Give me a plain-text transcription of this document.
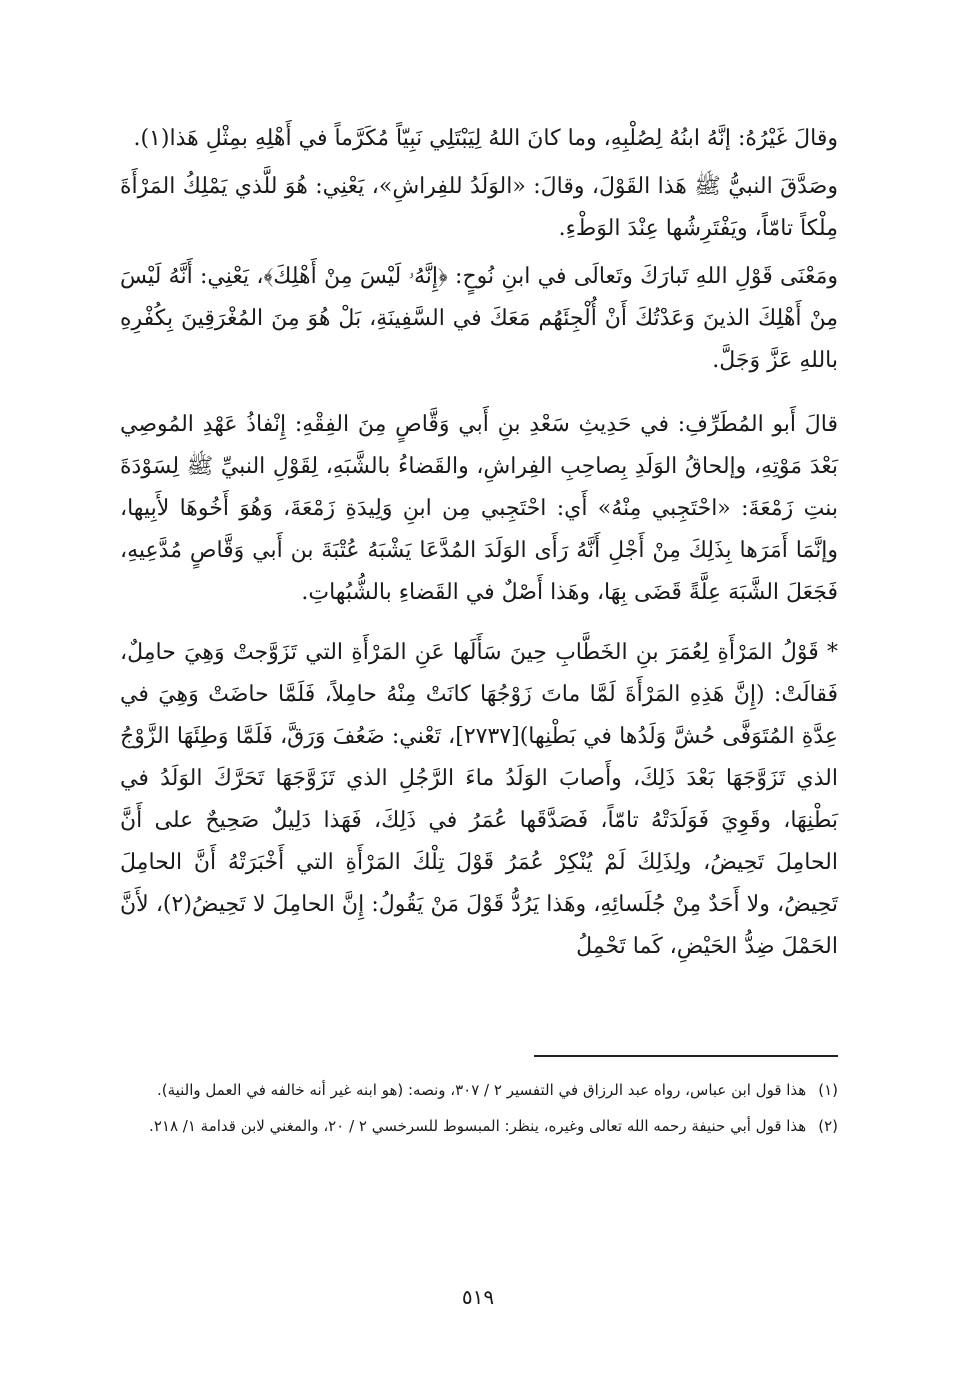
وقالَ غَيْرُهُ: إنَّهُ ابنُهُ لِصُلْبِهِ، وما كانَ اللهُ لِيَبْتَلِي نَبِيّاً مُكَرَّماً في أَهْلِهِ بمِثْلِ هَذا(١).

وصَدَّقَ النبيُّ ﷺ هَذا القَوْلَ، وقالَ: «الوَلَدُ للفِراشِ»، يَعْنِي: هُوَ للَّذي يَمْلِكُ المَرْأَةَ مِلْكاً تامّاً، ويَفْتَرِشُها عِنْدَ الوَطْءِ.

ومَعْنَى قَوْلِ اللهِ تَبارَكَ وتَعالَى في ابنِ نُوحٍ: ﴿إِنَّهُۥ لَيْسَ مِنْ أَهْلِكَ﴾، يَعْنِي: أَنَّهُ لَيْسَ مِنْ أَهْلِكَ الذينَ وَعَدْتُكَ أَنْ أُلْجِئَهُم مَعَكَ في السَّفِينَةِ، بَلْ هُوَ مِنَ المُغْرَقِينَ بِكُفْرِهِ باللهِ عَزَّ وَجَلَّ.

قالَ أَبو المُطَرِّفِ: في حَدِيثِ سَعْدِ بنِ أَبي وَقَّاصٍ مِنَ الفِقْهِ: إِنْفاذُ عَهْدِ المُوصِي بَعْدَ مَوْتِهِ، وإلحاقُ الوَلَدِ بِصاحِبِ الفِراشِ، والقَضاءُ بالشَّبَهِ، لِقَوْلِ النبيِّ ﷺ لِسَوْدَةَ بنتِ زَمْعَةَ: «احْتَجِبي مِنْهُ» أَي: احْتَجِبي مِن ابنِ وَلِيدَةِ زَمْعَةَ، وَهُوَ أَخُوهَا لأَبِيها، وإنَّمَا أَمَرَها بِذَلِكَ مِنْ أَجْلِ أَنَّهُ رَأَى الوَلَدَ المُدَّعَا يَشْبَهُ عُتْبَةَ بن أَبي وَقَّاصٍ مُدَّعِيهِ، فَجَعَلَ الشَّبَهَ عِلَّةً قَضَى بِهَا، وهَذا أَصْلٌ في القَضاءِ بالشُّبُهاتِ.

* قَوْلُ المَرْأَةِ لِعُمَرَ بنِ الخَطَّابِ حِينَ سَأَلَها عَنِ المَرْأَةِ التي تَزَوَّجتْ وَهِيَ حامِلٌ، فَقالَتْ: (إِنَّ هَذِهِ المَرْأَةَ لَمَّا ماتَ زَوْجُهَا كانَتْ مِنْهُ حامِلاً، فَلَمَّا حاضَتْ وَهِيَ في عِدَّةِ المُتَوَفَّى حُشَّ وَلَدُها في بَطْنِها)[٢٧٣٧]، تَعْني: ضَعُفَ وَرَقَّ، فَلَمَّا وَطِئَهَا الزَّوْجُ الذي تَزَوَّجَهَا بَعْدَ ذَلِكَ، وأَصابَ الوَلَدُ ماءَ الرَّجُلِ الذي تَزَوَّجَهَا تَحَرَّكَ الوَلَدُ في بَطْنِهَا، وقَوِيَ فَوَلَدَتْهُ تامّاً، فَصَدَّقَها عُمَرُ في ذَلِكَ، فَهَذا دَلِيلٌ صَحِيحٌ على أَنَّ الحامِلَ تَحِيضُ، ولِذَلِكَ لَمْ يُنْكِرْ عُمَرُ قَوْلَ تِلْكَ المَرْأَةِ التي أَخْبَرَتْهُ أَنَّ الحامِلَ تَحِيضُ، ولا أَحَدٌ مِنْ جُلَسائِهِ، وهَذا يَرُدُّ قَوْلَ مَنْ يَقُولُ: إِنَّ الحامِلَ لا تَحِيضُ(٢)، لأَنَّ الحَمْلَ ضِدُّ الحَيْضِ، كَما تَحْمِلُ

(١)
هذا قول ابن عباس، رواه عبد الرزاق في التفسير ٢ / ٣٠٧، ونصه: (هو ابنه غير أنه خالفه في العمل والنية).
(٢)
هذا قول أبي حنيفة رحمه الله تعالى وغيره، ينظر: المبسوط للسرخسي ٢ / ٢٠، والمغني لابن قدامة ١/ ٢١٨.
٥١٩
